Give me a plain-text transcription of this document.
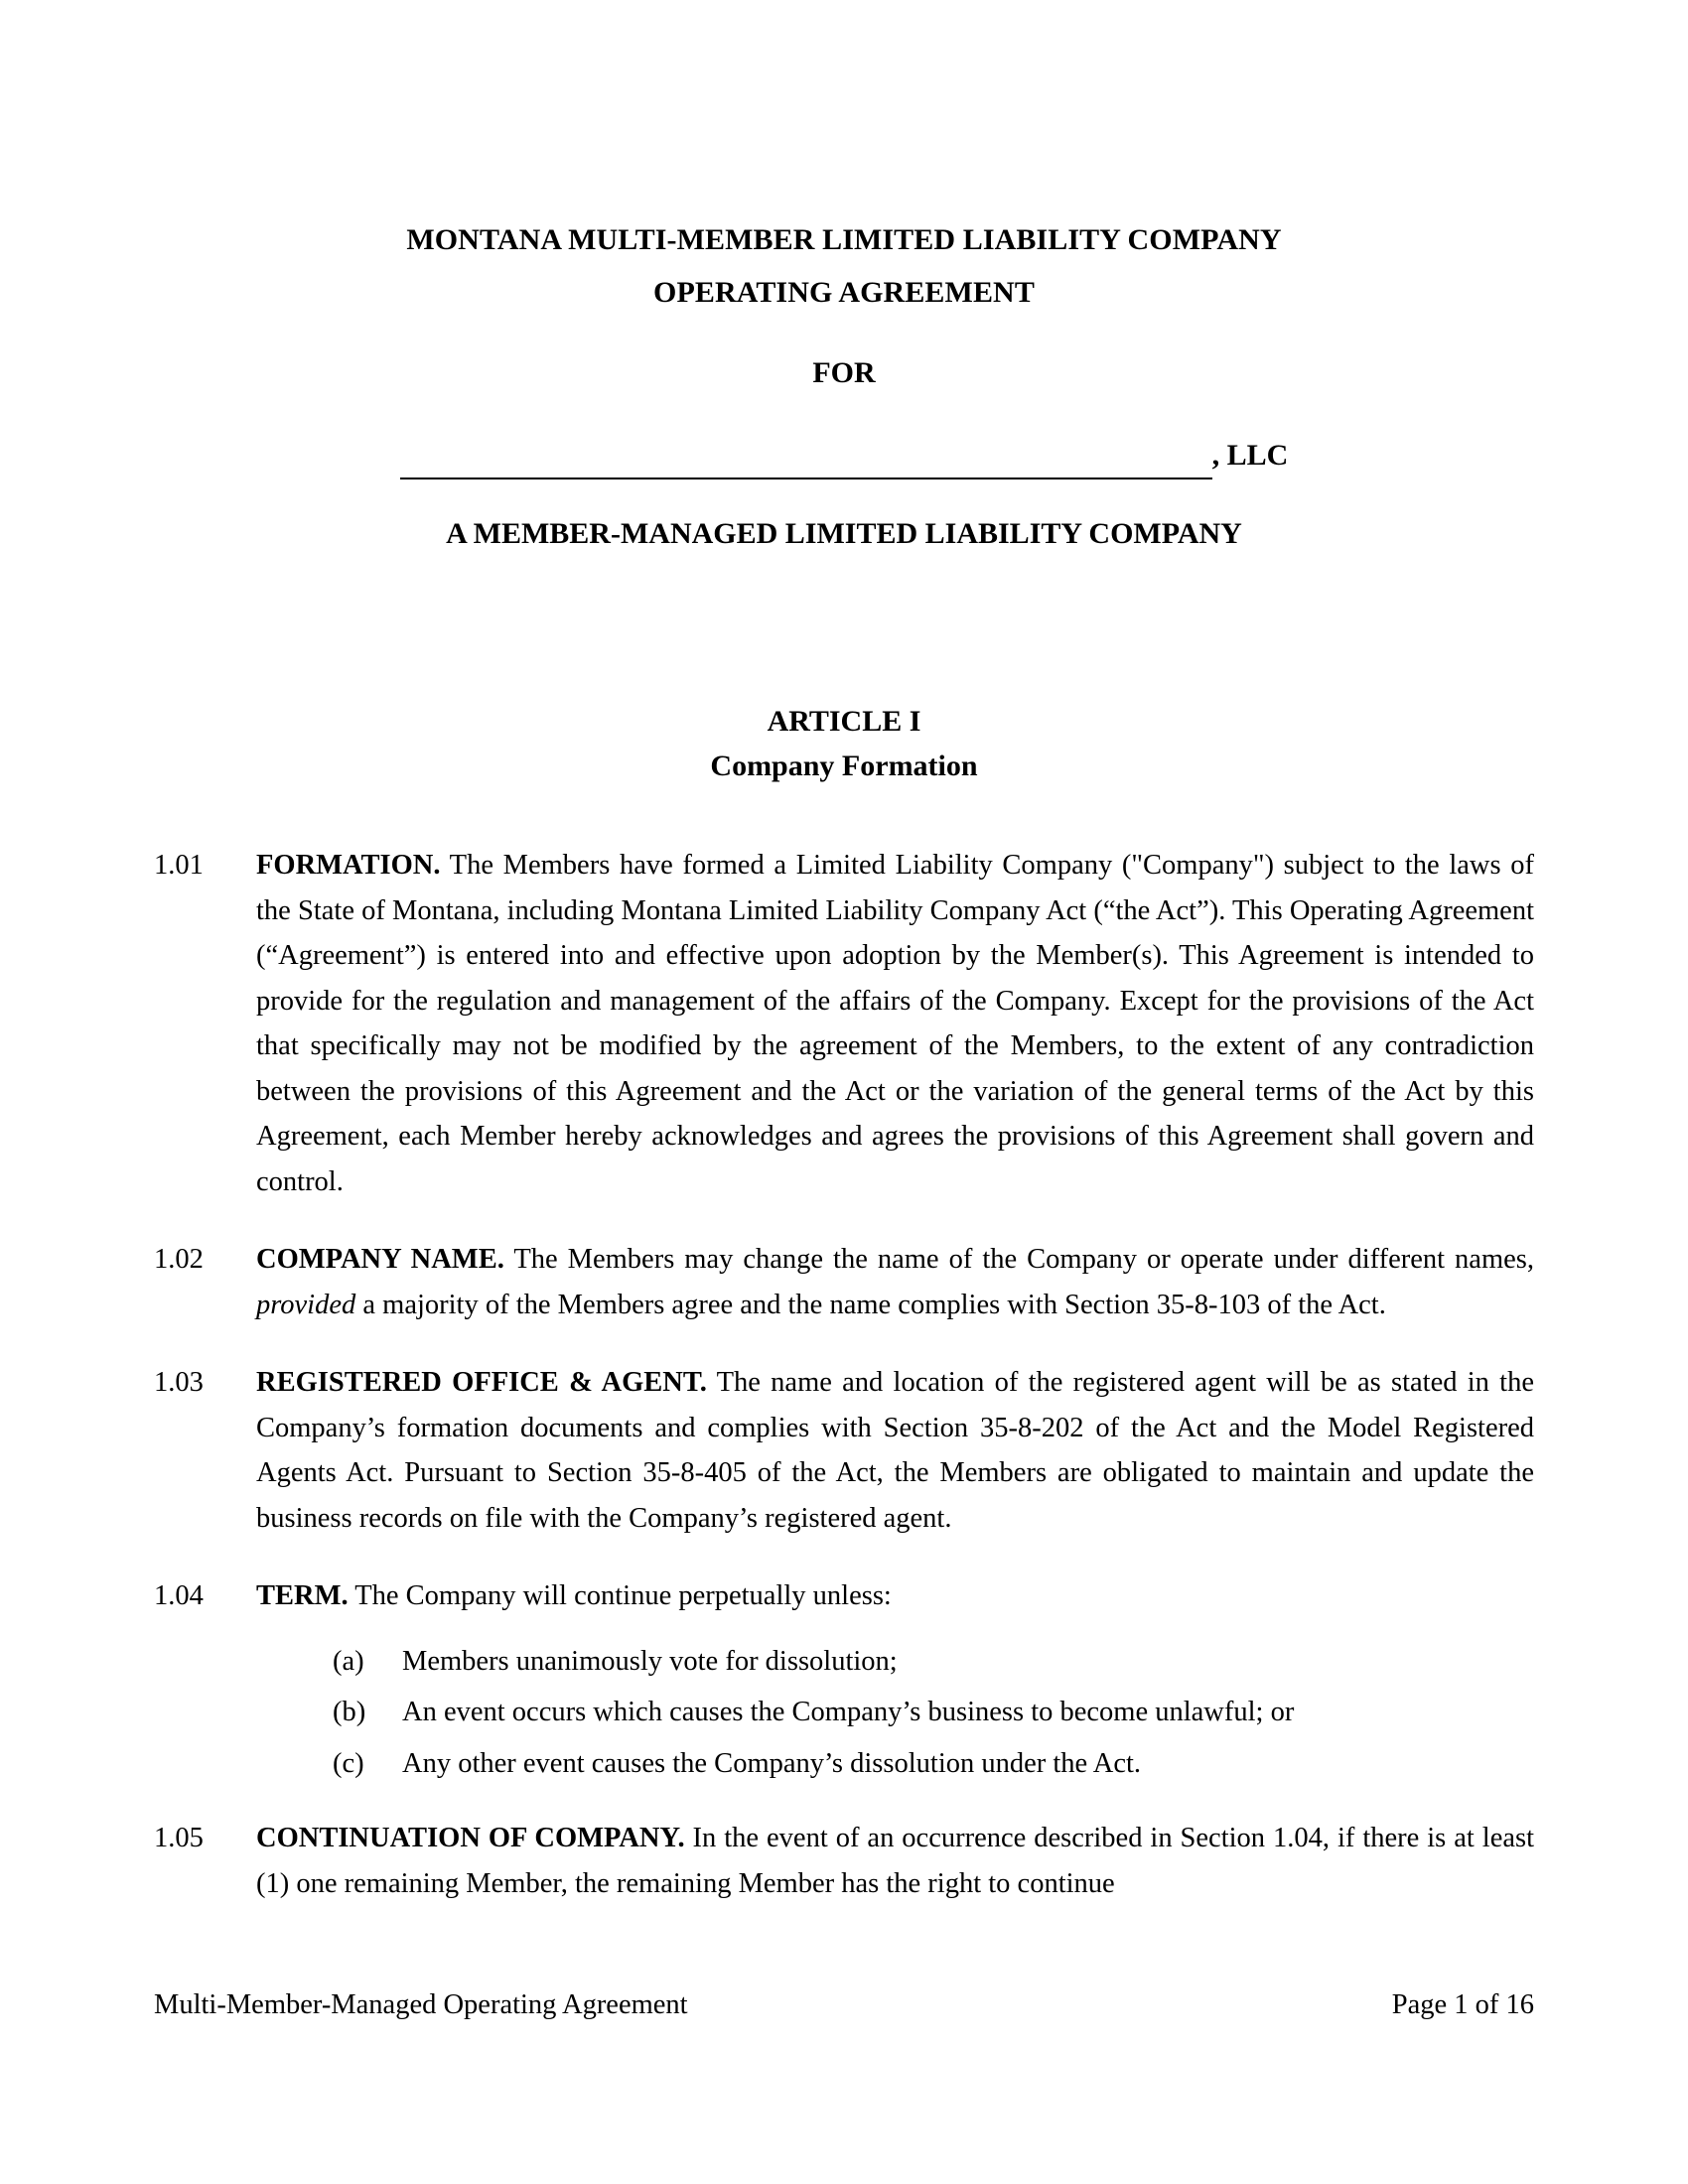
MONTANA MULTI-MEMBER LIMITED LIABILITY COMPANY
OPERATING AGREEMENT
FOR
, LLC
A MEMBER-MANAGED LIMITED LIABILITY COMPANY
ARTICLE I
Company Formation
1.01 FORMATION. The Members have formed a Limited Liability Company ("Company") subject to the laws of the State of Montana, including Montana Limited Liability Company Act (“the Act”). This Operating Agreement (“Agreement”) is entered into and effective upon adoption by the Member(s). This Agreement is intended to provide for the regulation and management of the affairs of the Company. Except for the provisions of the Act that specifically may not be modified by the agreement of the Members, to the extent of any contradiction between the provisions of this Agreement and the Act or the variation of the general terms of the Act by this Agreement, each Member hereby acknowledges and agrees the provisions of this Agreement shall govern and control.
1.02 COMPANY NAME. The Members may change the name of the Company or operate under different names, provided a majority of the Members agree and the name complies with Section 35-8-103 of the Act.
1.03 REGISTERED OFFICE & AGENT. The name and location of the registered agent will be as stated in the Company’s formation documents and complies with Section 35-8-202 of the Act and the Model Registered Agents Act. Pursuant to Section 35-8-405 of the Act, the Members are obligated to maintain and update the business records on file with the Company’s registered agent.
1.04 TERM. The Company will continue perpetually unless:
(a) Members unanimously vote for dissolution;
(b) An event occurs which causes the Company’s business to become unlawful; or
(c) Any other event causes the Company’s dissolution under the Act.
1.05 CONTINUATION OF COMPANY. In the event of an occurrence described in Section 1.04, if there is at least (1) one remaining Member, the remaining Member has the right to continue
Multi-Member-Managed Operating Agreement	Page 1 of 16
